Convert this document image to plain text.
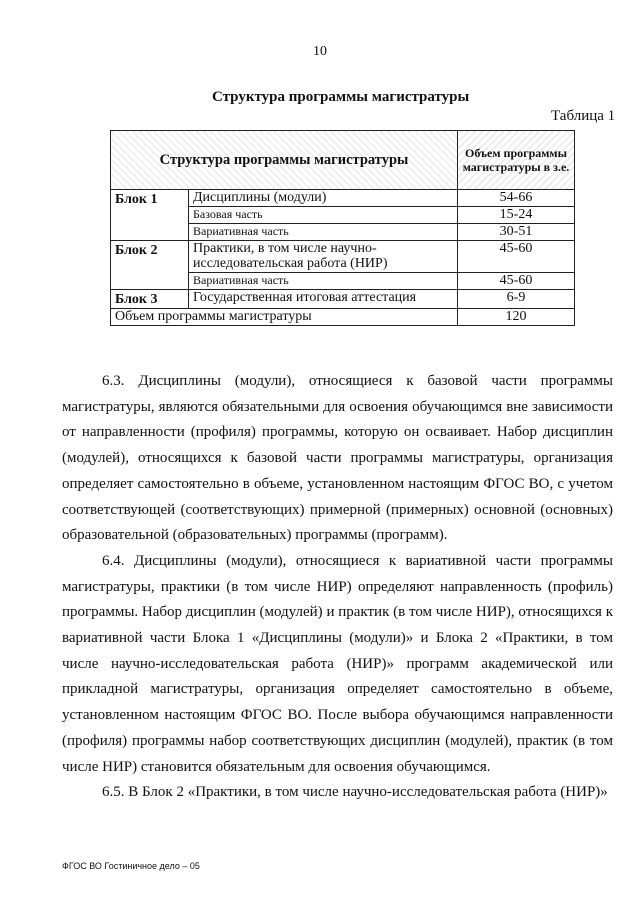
10
Структура программы магистратуры
Таблица 1
Структура программы магистратуры		Объем программы магистратуры в з.е.
Блок 1	Дисциплины (модули)	54-66
	Базовая часть	15-24
	Вариативная часть	30-51
Блок 2	Практики, в том числе научно-исследовательская работа (НИР)	45-60
	Вариативная часть	45-60
Блок 3	Государственная итоговая аттестация	6-9
Объем программы магистратуры		120

6.3. Дисциплины (модули), относящиеся к базовой части программы магистратуры, являются обязательными для освоения обучающимся вне зависимости от направленности (профиля) программы, которую он осваивает. Набор дисциплин (модулей), относящихся к базовой части программы магистратуры, организация определяет самостоятельно в объеме, установленном настоящим ФГОС ВО, с учетом соответствующей (соответствующих) примерной (примерных) основной (основных) образовательной (образовательных) программы (программ).

6.4. Дисциплины (модули), относящиеся к вариативной части программы магистратуры, практики (в том числе НИР) определяют направленность (профиль) программы. Набор дисциплин (модулей) и практик (в том числе НИР), относящихся к вариативной части Блока 1 «Дисциплины (модули)» и Блока 2 «Практики, в том числе научно-исследовательская работа (НИР)» программ академической или прикладной магистратуры, организация определяет самостоятельно в объеме, установленном настоящим ФГОС ВО. После выбора обучающимся направленности (профиля) программы набор соответствующих дисциплин (модулей), практик (в том числе НИР) становится обязательным для освоения обучающимся.

6.5. В Блок 2 «Практики, в том числе научно-исследовательская работа (НИР)»

ФГОС ВО Гостиничное дело – 05
